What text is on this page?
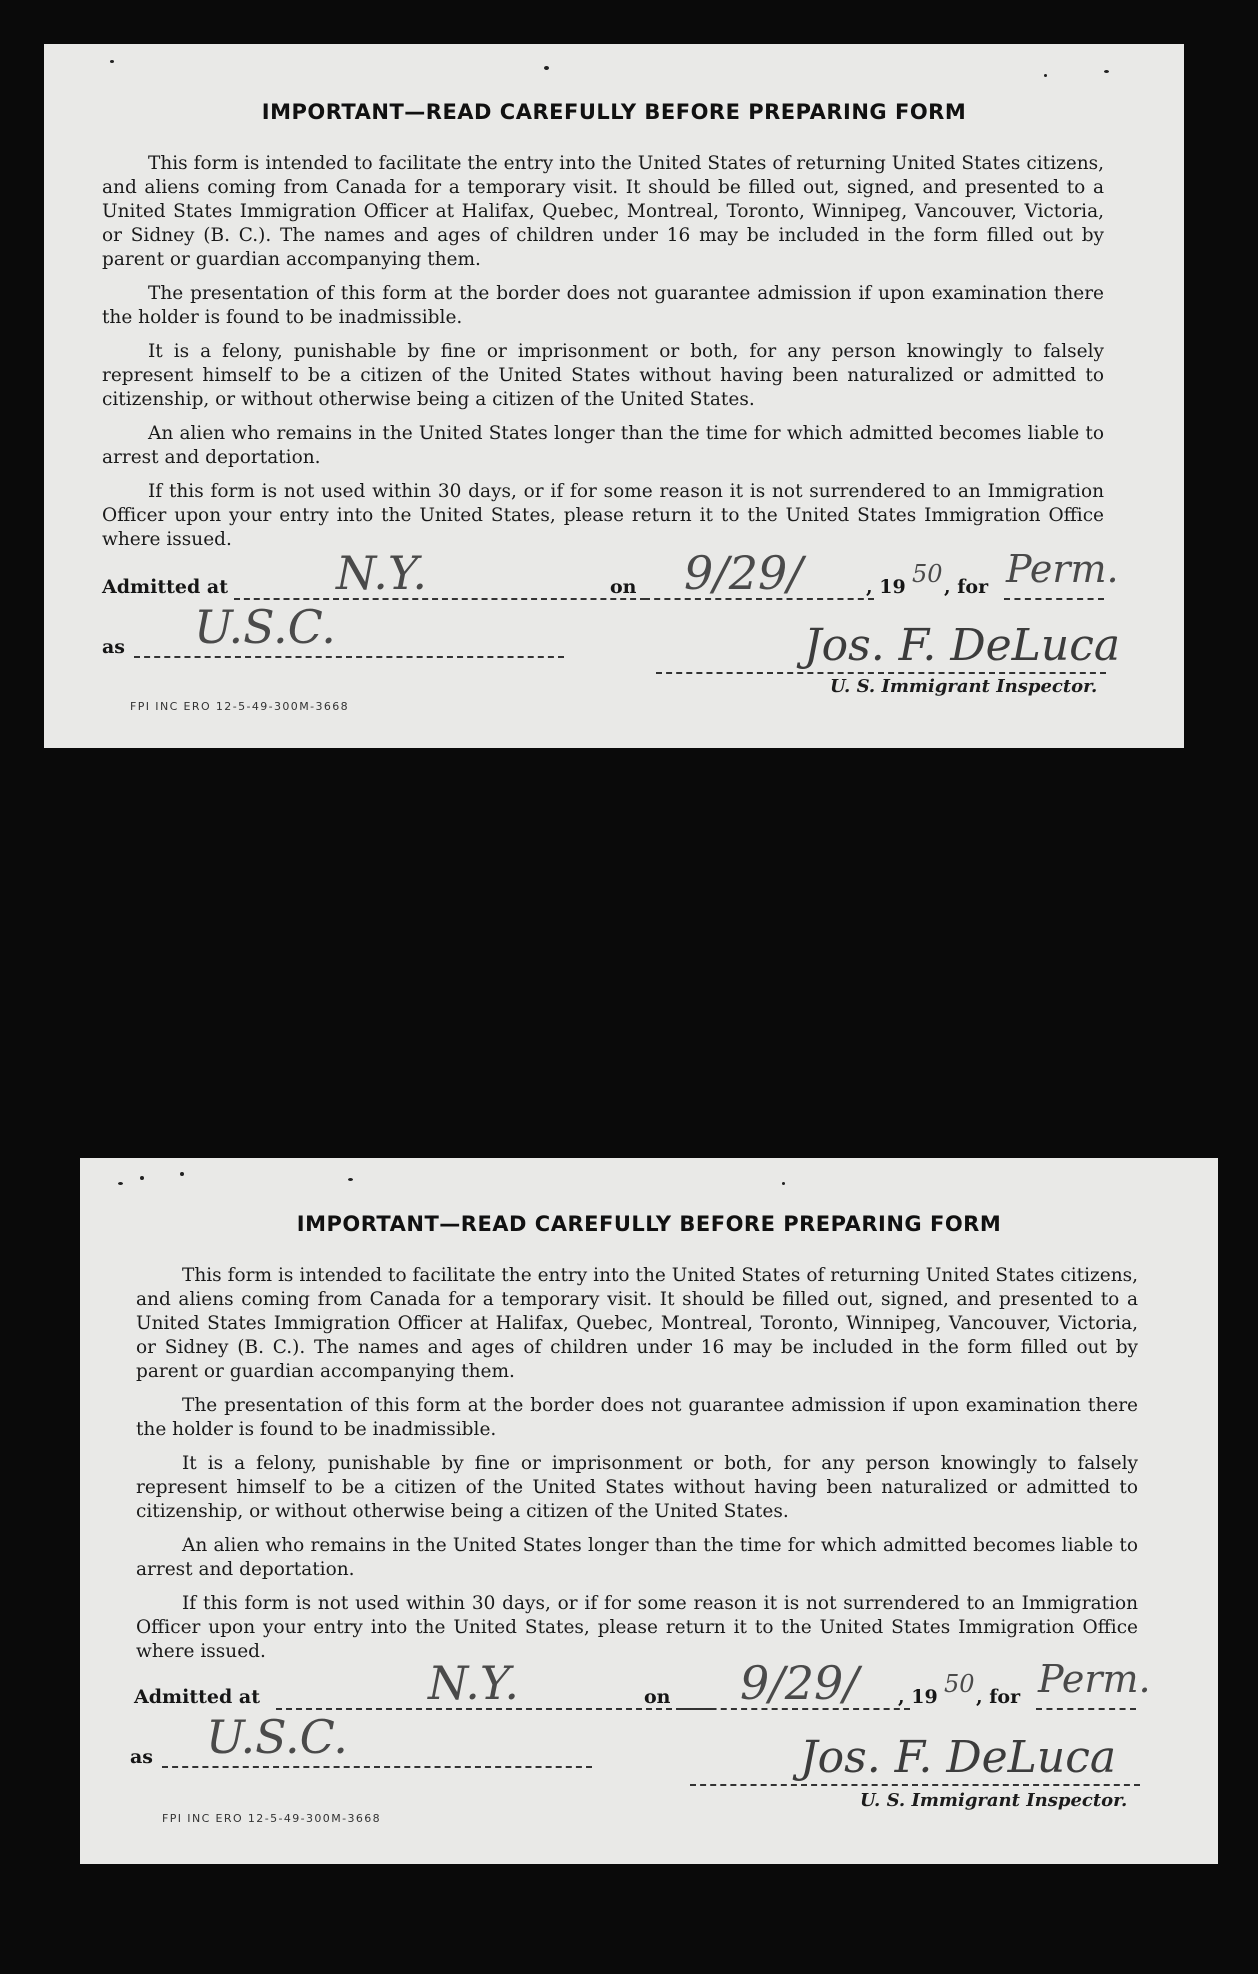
IMPORTANT—READ CAREFULLY BEFORE PREPARING FORM

This form is intended to facilitate the entry into the United States of returning United States citizens, and aliens coming from Canada for a temporary visit. It should be filled out, signed, and presented to a United States Immigration Officer at Halifax, Quebec, Montreal, Toronto, Winnipeg, Vancouver, Victoria, or Sidney (B. C.). The names and ages of children under 16 may be included in the form filled out by parent or guardian accompanying them.

The presentation of this form at the border does not guarantee admission if upon examination there the holder is found to be inadmissible.

It is a felony, punishable by fine or imprisonment or both, for any person knowingly to falsely represent himself to be a citizen of the United States without having been naturalized or admitted to citizenship, or without otherwise being a citizen of the United States.

An alien who remains in the United States longer than the time for which admitted becomes liable to arrest and deportation.

If this form is not used within 30 days, or if for some reason it is not surrendered to an Immigration Officer upon your entry into the United States, please return it to the United States Immigration Office where issued.

Admitted at N.Y.	on 9/29/	, 19 50 , for Perm.
as U.S.C.	Jos. F. DeLuca
U. S. Immigrant Inspector.
FPI INC ERO 12-5-49-300M-3668
IMPORTANT—READ CAREFULLY BEFORE PREPARING FORM

This form is intended to facilitate the entry into the United States of returning United States citizens, and aliens coming from Canada for a temporary visit. It should be filled out, signed, and presented to a United States Immigration Officer at Halifax, Quebec, Montreal, Toronto, Winnipeg, Vancouver, Victoria, or Sidney (B. C.). The names and ages of children under 16 may be included in the form filled out by parent or guardian accompanying them.

The presentation of this form at the border does not guarantee admission if upon examination there the holder is found to be inadmissible.

It is a felony, punishable by fine or imprisonment or both, for any person knowingly to falsely represent himself to be a citizen of the United States without having been naturalized or admitted to citizenship, or without otherwise being a citizen of the United States.

An alien who remains in the United States longer than the time for which admitted becomes liable to arrest and deportation.

If this form is not used within 30 days, or if for some reason it is not surrendered to an Immigration Officer upon your entry into the United States, please return it to the United States Immigration Office where issued.

Admitted at	N.Y.	on 9/29/ , 19 50 , for Perm.
as U.S.C.	Jos. F. DeLuca
U. S. Immigrant Inspector.
FPI INC ERO 12-5-49-300M-3668
